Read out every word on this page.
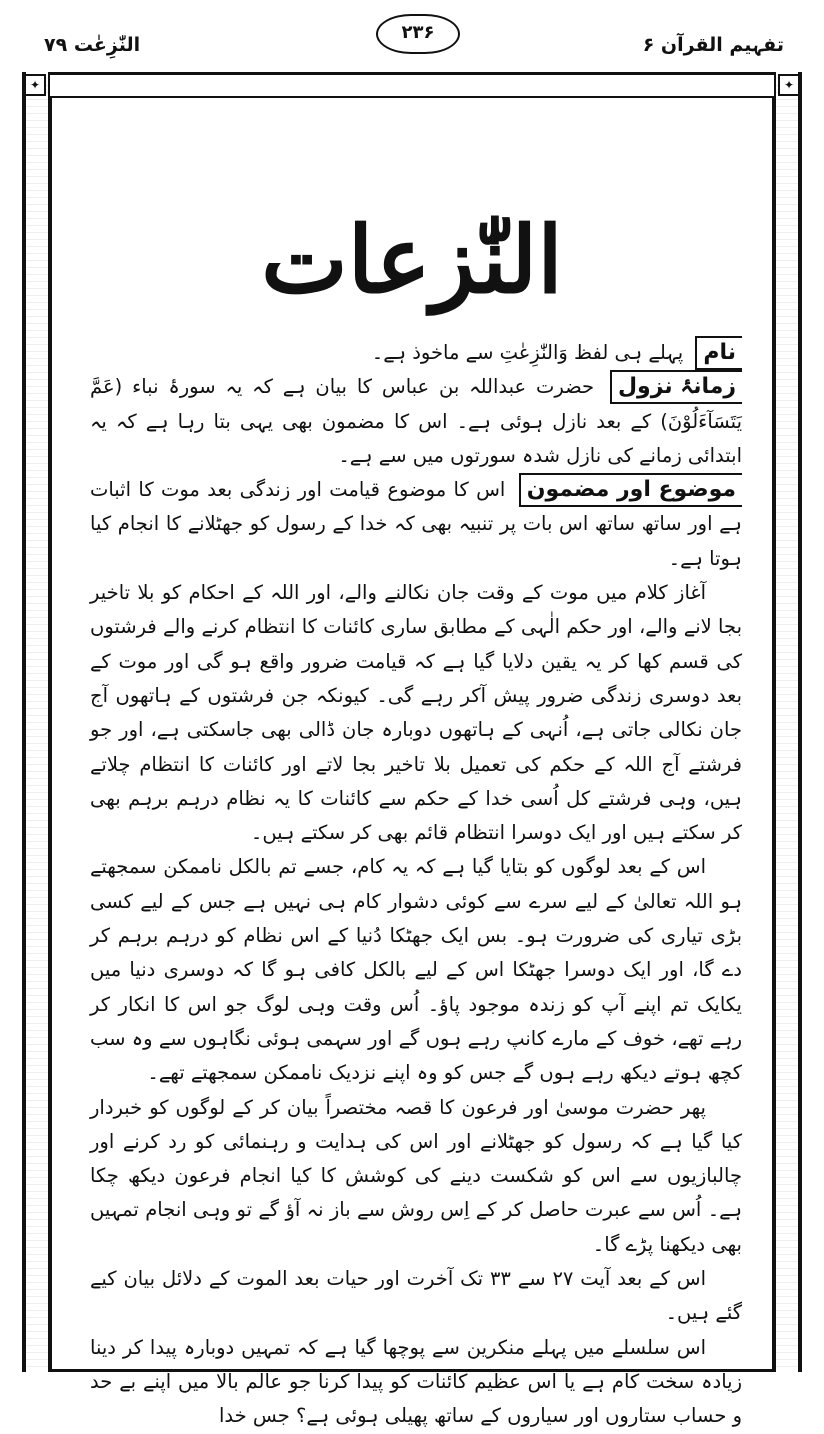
تفہیم القرآن ۶
۲۳۶
النّٰزِعٰت ۷۹
✦	✦
النّٰزعات

نام پہلے ہی لفظ وَالنّٰزِعٰتِ سے ماخوذ ہے۔

زمانۂ نزول حضرت عبداللہ بن عباس کا بیان ہے کہ یہ سورۂ نباء (عَمَّ یَتَسَآءَلُوْنَ) کے بعد نازل ہوئی ہے۔ اس کا مضمون بھی یہی بتا رہا ہے کہ یہ ابتدائی زمانے کی نازل شدہ سورتوں میں سے ہے۔

موضوع اور مضمون اس کا موضوع قیامت اور زندگی بعد موت کا اثبات ہے اور ساتھ ساتھ اس بات پر تنبیہ بھی کہ خدا کے رسول کو جھٹلانے کا انجام کیا ہوتا ہے۔

آغاز کلام میں موت کے وقت جان نکالنے والے، اور اللہ کے احکام کو بلا تاخیر بجا لانے والے، اور حکم الٰہی کے مطابق ساری کائنات کا انتظام کرنے والے فرشتوں کی قسم کھا کر یہ یقین دلایا گیا ہے کہ قیامت ضرور واقع ہو گی اور موت کے بعد دوسری زندگی ضرور پیش آکر رہے گی۔ کیونکہ جن فرشتوں کے ہاتھوں آج جان نکالی جاتی ہے، اُنہی کے ہاتھوں دوبارہ جان ڈالی بھی جاسکتی ہے، اور جو فرشتے آج اللہ کے حکم کی تعمیل بلا تاخیر بجا لاتے اور کائنات کا انتظام چلاتے ہیں، وہی فرشتے کل اُسی خدا کے حکم سے کائنات کا یہ نظام درہم برہم بھی کر سکتے ہیں اور ایک دوسرا انتظام قائم بھی کر سکتے ہیں۔

اس کے بعد لوگوں کو بتایا گیا ہے کہ یہ کام، جسے تم بالکل ناممکن سمجھتے ہو اللہ تعالیٰ کے لیے سرے سے کوئی دشوار کام ہی نہیں ہے جس کے لیے کسی بڑی تیاری کی ضرورت ہو۔ بس ایک جھٹکا دُنیا کے اس نظام کو درہم برہم کر دے گا، اور ایک دوسرا جھٹکا اس کے لیے بالکل کافی ہو گا کہ دوسری دنیا میں یکایک تم اپنے آپ کو زندہ موجود پاؤ۔ اُس وقت وہی لوگ جو اس کا انکار کر رہے تھے، خوف کے مارے کانپ رہے ہوں گے اور سہمی ہوئی نگاہوں سے وہ سب کچھ ہوتے دیکھ رہے ہوں گے جس کو وہ اپنے نزدیک ناممکن سمجھتے تھے۔

پھر حضرت موسیٰ اور فرعون کا قصہ مختصراً بیان کر کے لوگوں کو خبردار کیا گیا ہے کہ رسول کو جھٹلانے اور اس کی ہدایت و رہنمائی کو رد کرنے اور چالبازیوں سے اس کو شکست دینے کی کوشش کا کیا انجام فرعون دیکھ چکا ہے۔ اُس سے عبرت حاصل کر کے اِس روش سے باز نہ آؤ گے تو وہی انجام تمہیں بھی دیکھنا پڑے گا۔

اس کے بعد آیت ۲۷ سے ۳۳ تک آخرت اور حیات بعد الموت کے دلائل بیان کیے گئے ہیں۔

اس سلسلے میں پہلے منکرین سے پوچھا گیا ہے کہ تمہیں دوبارہ پیدا کر دینا زیادہ سخت کام ہے یا اس عظیم کائنات کو پیدا کرنا جو عالم بالا میں اپنے بے حد و حساب ستاروں اور سیاروں کے ساتھ پھیلی ہوئی ہے؟ جس خدا
